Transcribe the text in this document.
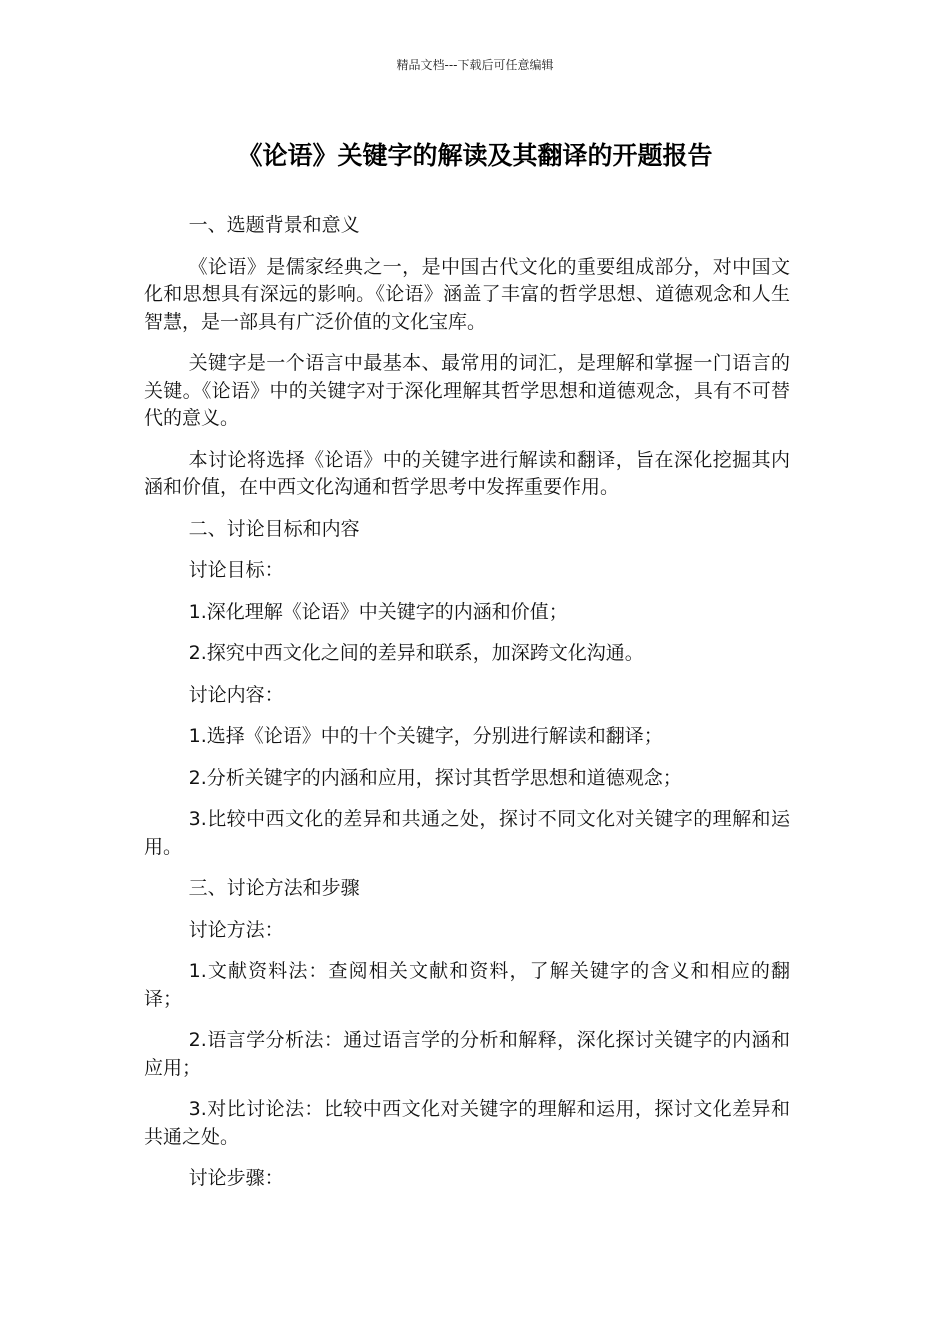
精品文档---下载后可任意编辑
《论语》关键字的解读及其翻译的开题报告

一、选题背景和意义

《论语》是儒家经典之一，是中国古代文化的重要组成部分，对中国文化和思想具有深远的影响。《论语》涵盖了丰富的哲学思想、道德观念和人生智慧，是一部具有广泛价值的文化宝库。

关键字是一个语言中最基本、最常用的词汇，是理解和掌握一门语言的关键。《论语》中的关键字对于深化理解其哲学思想和道德观念，具有不可替代的意义。

本讨论将选择《论语》中的关键字进行解读和翻译，旨在深化挖掘其内涵和价值，在中西文化沟通和哲学思考中发挥重要作用。

二、讨论目标和内容

讨论目标：

1.深化理解《论语》中关键字的内涵和价值；

2.探究中西文化之间的差异和联系，加深跨文化沟通。

讨论内容：

1.选择《论语》中的十个关键字，分别进行解读和翻译；

2.分析关键字的内涵和应用，探讨其哲学思想和道德观念；

3.比较中西文化的差异和共通之处，探讨不同文化对关键字的理解和运用。

三、讨论方法和步骤

讨论方法：

1.文献资料法：查阅相关文献和资料，了解关键字的含义和相应的翻译；

2.语言学分析法：通过语言学的分析和解释，深化探讨关键字的内涵和应用；

3.对比讨论法：比较中西文化对关键字的理解和运用，探讨文化差异和共通之处。

讨论步骤：
